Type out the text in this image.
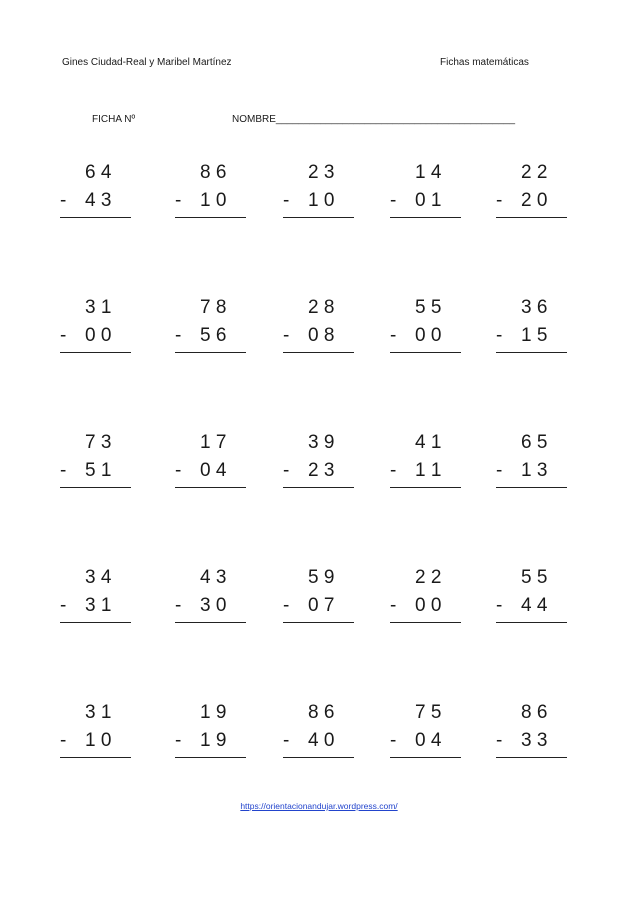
Gines Ciudad-Real y Maribel Martínez	Fichas matemáticas
FICHA Nº	NOMBRE___________________________________________
6 4
- 4 3
8 6
- 1 0
2 3
- 1 0
1 4
- 0 1
2 2
- 2 0
3 1
- 0 0
7 8
- 5 6
2 8
- 0 8
5 5
- 0 0
3 6
- 1 5
7 3
- 5 1
1 7
- 0 4
3 9
- 2 3
4 1
- 1 1
6 5
- 1 3
3 4
- 3 1
4 3
- 3 0
5 9
- 0 7
2 2
- 0 0
5 5
- 4 4
3 1
- 1 0
1 9
- 1 9
8 6
- 4 0
7 5
- 0 4
8 6
- 3 3
https://orientacionandujar.wordpress.com/
